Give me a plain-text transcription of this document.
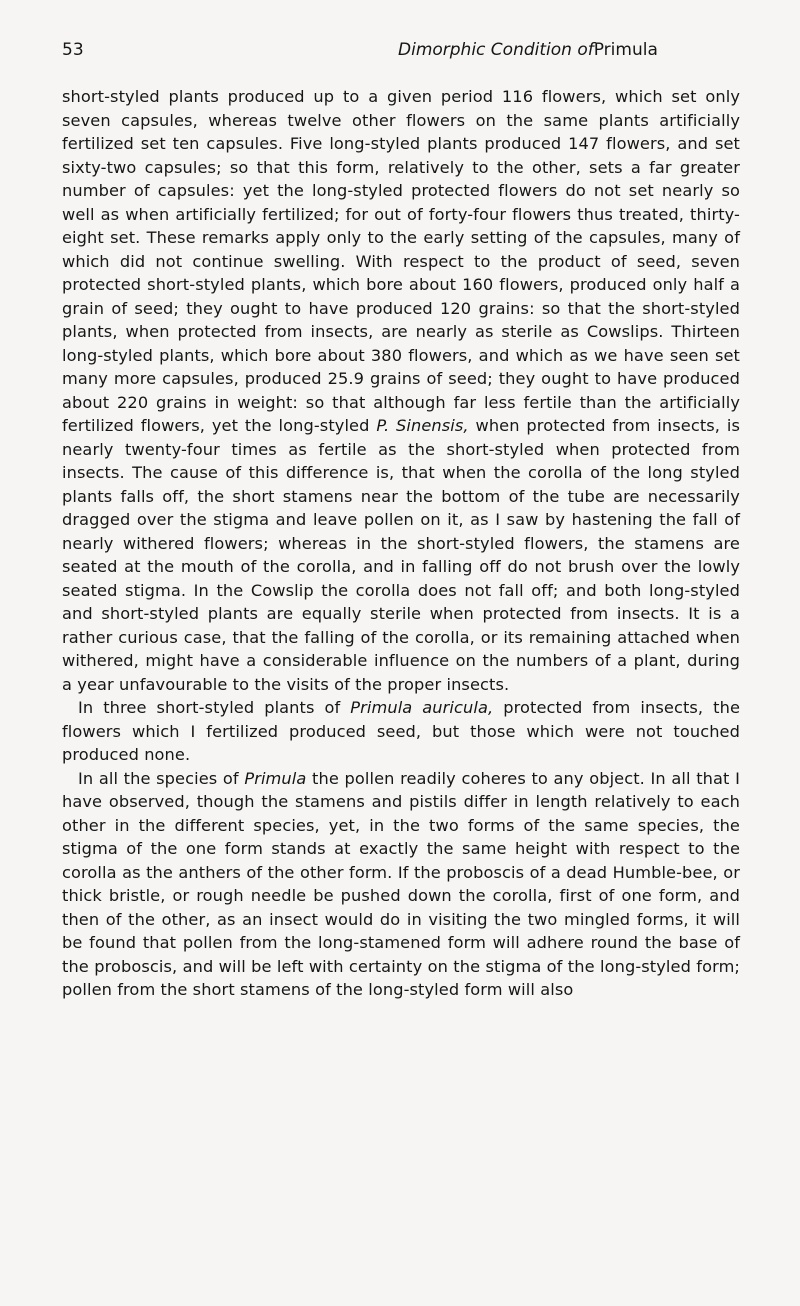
53	Dimorphic Condition ofPrimula

short-styled plants produced up to a given period 116 flowers, which set only seven capsules, whereas twelve other flowers on the same plants artificially fertilized set ten capsules. Five long-styled plants produced 147 flowers, and set sixty-two capsules; so that this form, relatively to the other, sets a far greater number of capsules: yet the long-styled protected flowers do not set nearly so well as when artificially fertilized; for out of forty-four flowers thus treated, thirty-eight set. These remarks apply only to the early setting of the capsules, many of which did not continue swelling. With respect to the product of seed, seven protected short-styled plants, which bore about 160 flowers, produced only half a grain of seed; they ought to have produced 120 grains: so that the short-styled plants, when protected from insects, are nearly as sterile as Cowslips. Thirteen long-styled plants, which bore about 380 flowers, and which as we have seen set many more capsules, produced 25.9 grains of seed; they ought to have produced about 220 grains in weight: so that although far less fertile than the artificially fertilized flowers, yet the long-styled P. Sinensis, when protected from insects, is nearly twenty-four times as fertile as the short-styled when protected from insects. The cause of this difference is, that when the corolla of the long styled plants falls off, the short stamens near the bottom of the tube are necessarily dragged over the stigma and leave pollen on it, as I saw by hastening the fall of nearly withered flowers; whereas in the short-styled flowers, the stamens are seated at the mouth of the corolla, and in falling off do not brush over the lowly seated stigma. In the Cowslip the corolla does not fall off; and both long-styled and short-styled plants are equally sterile when protected from insects. It is a rather curious case, that the falling of the corolla, or its remaining attached when withered, might have a considerable influence on the numbers of a plant, during a year unfavourable to the visits of the proper insects.

In three short-styled plants of Primula auricula, protected from insects, the flowers which I fertilized produced seed, but those which were not touched produced none.

In all the species of Primula the pollen readily coheres to any object. In all that I have observed, though the stamens and pistils differ in length relatively to each other in the different species, yet, in the two forms of the same species, the stigma of the one form stands at exactly the same height with respect to the corolla as the anthers of the other form. If the proboscis of a dead Humble-bee, or thick bristle, or rough needle be pushed down the corolla, first of one form, and then of the other, as an insect would do in visiting the two mingled forms, it will be found that pollen from the long-stamened form will adhere round the base of the proboscis, and will be left with certainty on the stigma of the long-styled form; pollen from the short stamens of the long-styled form will also
